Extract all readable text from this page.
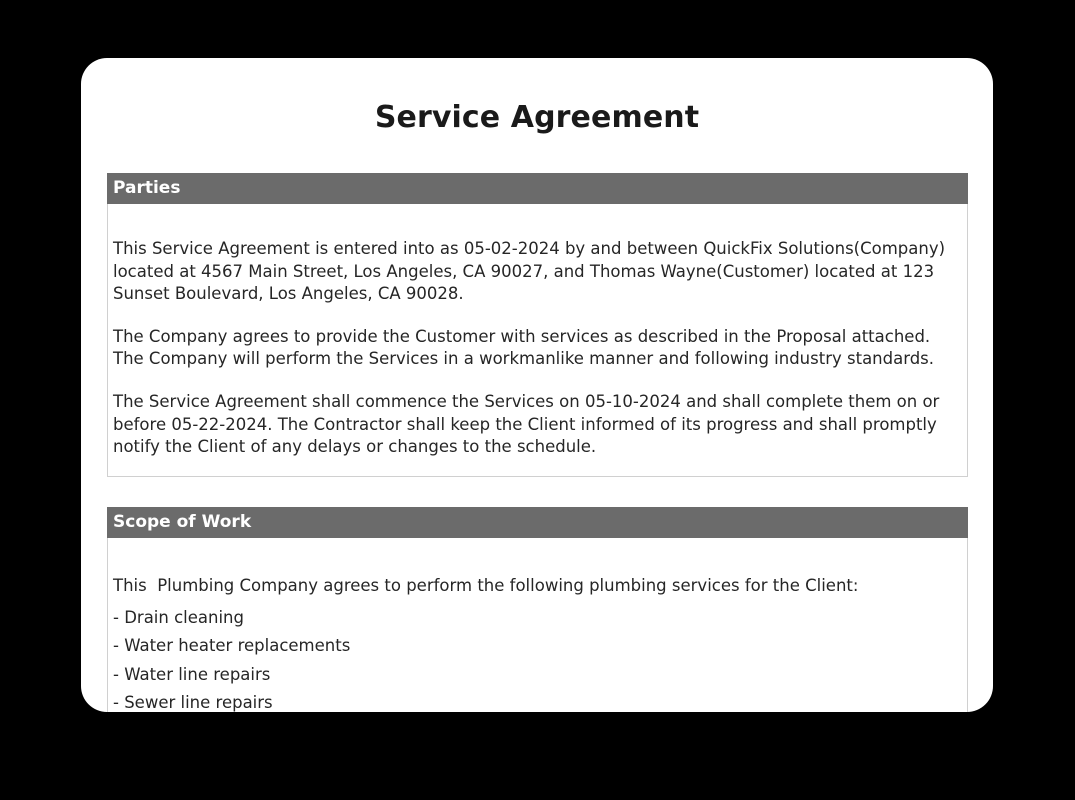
Service Agreement
Parties

This Service Agreement is entered into as 05-02-2024 by and between QuickFix Solutions(Company) located at 4567 Main Street, Los Angeles, CA 90027, and Thomas Wayne(Customer) located at 123 Sunset Boulevard, Los Angeles, CA 90028.

The Company agrees to provide the Customer with services as described in the Proposal attached. The Company will perform the Services in a workmanlike manner and following industry standards.

The Service Agreement shall commence the Services on 05-10-2024 and shall complete them on or before 05-22-2024. The Contractor shall keep the Client informed of its progress and shall promptly notify the Client of any delays or changes to the schedule.

Scope of Work
This  Plumbing Company agrees to perform the following plumbing services for the Client:
- Drain cleaning
- Water heater replacements
- Water line repairs
- Sewer line repairs
